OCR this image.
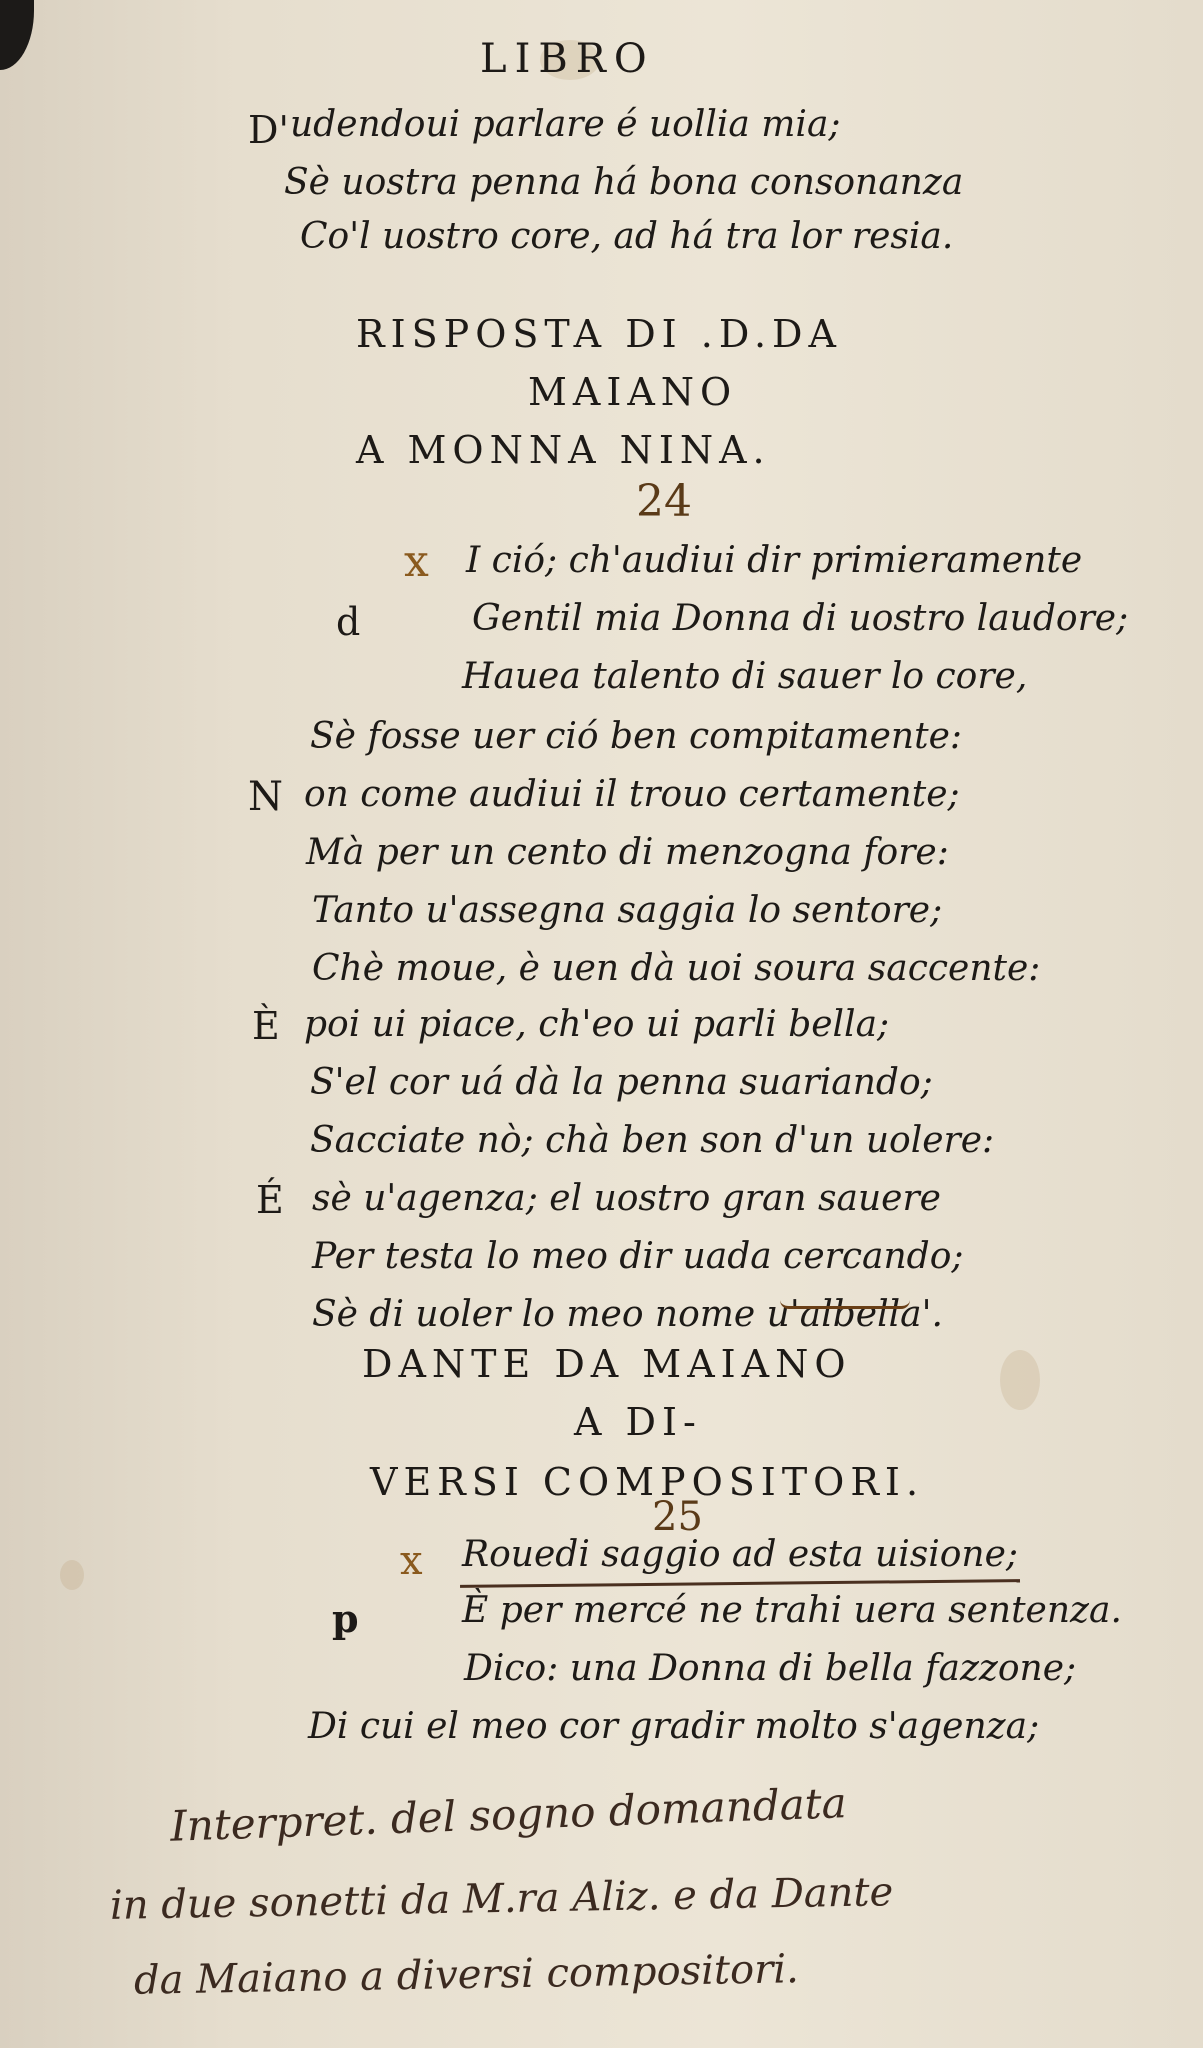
LIBRO
D' udendoui parlare é uollia mia;
Sè uostra penna há bona consonanza
Co'l uostro core, ad há tra lor resia.
RISPOSTA DI .D.DA
MAIANO
A MONNA NINA.
24
x
d
I ció; ch'audiui dir primieramente
Gentil mia Donna di uostro laudore;
Hauea talento di sauer lo core,
Sè fosse uer ció ben compitamente:
N on come audiui il trouo certamente;
Mà per un cento di menzogna fore:
Tanto u'assegna saggia lo sentore;
Chè moue, è uen dà uoi soura saccente:
È poi ui piace, ch'eo ui parli bella;
S'el cor uá dà la penna suariando;
Sacciate nò; chà ben son d'un uolere:
É sè u'agenza; el uostro gran sauere
Per testa lo meo dir uada cercando;
Sè di uoler lo meo nome u'albella'.
DANTE DA MAIANO
A DI-
VERSI COMPOSITORI.
25
x
p
Rouedi saggio ad esta uisione;
È per mercé ne trahi uera sentenza.
Dico: una Donna di bella fazzone;
Di cui el meo cor gradir molto s'agenza;
Interpret. del sogno domandata
in due sonetti da M.ra Aliz. e da Dante
da Maiano a diversi compositori.
